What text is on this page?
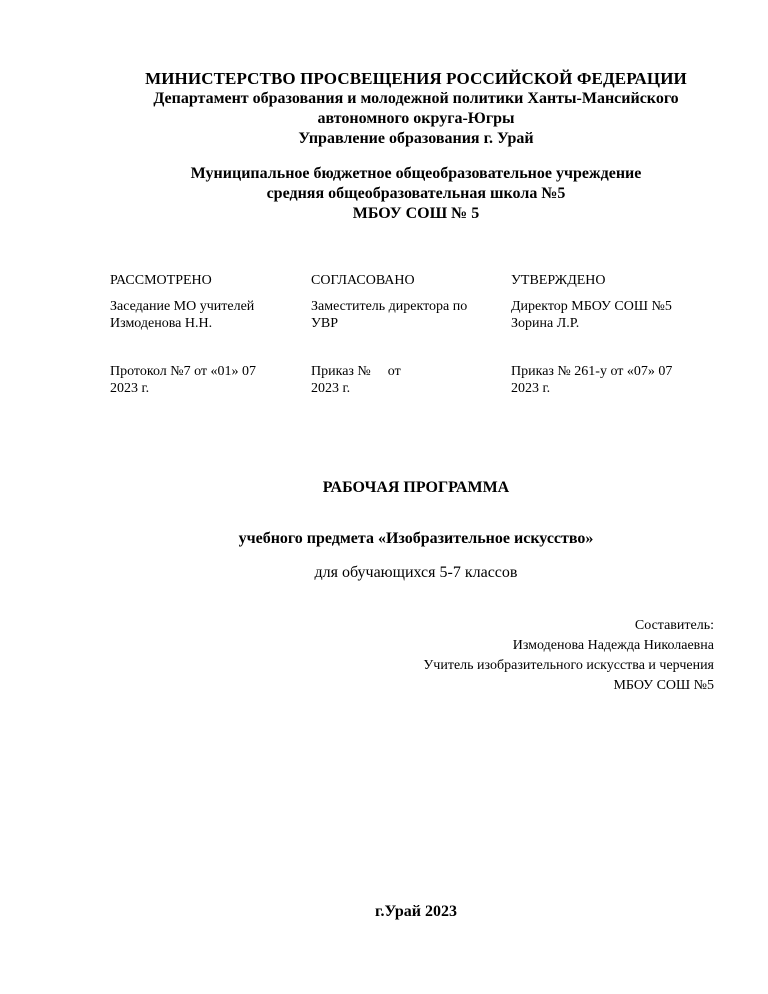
МИНИСТЕРСТВО ПРОСВЕЩЕНИЯ РОССИЙСКОЙ ФЕДЕРАЦИИ
Департамент образования и молодежной политики Ханты-Мансийского
автономного округа-Югры
Управление образования г. Урай
Муниципальное бюджетное общеобразовательное учреждение
средняя общеобразовательная школа №5
МБОУ СОШ № 5
РАССМОТРЕНО
Заседание МО учителей
Измоденова Н.Н.
СОГЛАСОВАНО
Заместитель директора по
УВР
УТВЕРЖДЕНО
Директор МБОУ СОШ №5
Зорина Л.Р.
Протокол №7 от «01» 07
2023 г.
Приказ № от
2023 г.
Приказ № 261-у от «07» 07
2023 г.
РАБОЧАЯ ПРОГРАММА
учебного предмета «Изобразительное искусство»
для обучающихся 5-7 классов
Составитель:
Измоденова Надежда Николаевна
Учитель изобразительного искусства и черчения
МБОУ СОШ №5
г.Урай 2023
